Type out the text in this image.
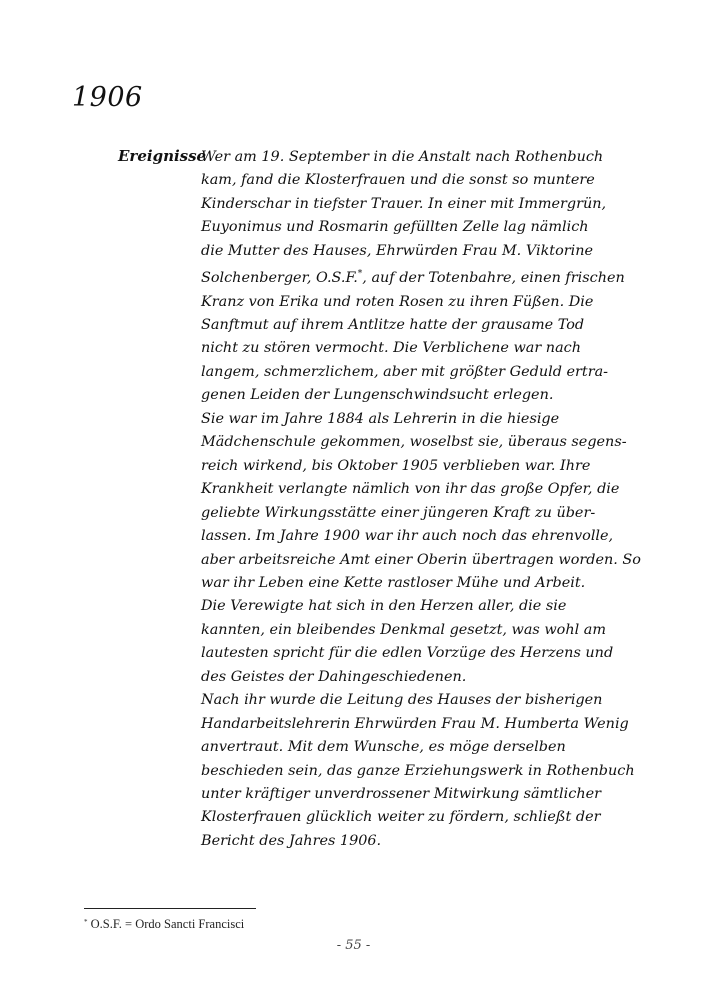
1906
Ereignisse
Wer am 19. September in die Anstalt nach Rothenbuch
kam, fand die Klosterfrauen und die sonst so muntere
Kinderschar in tiefster Trauer. In einer mit Immergrün,
Euyonimus und Rosmarin gefüllten Zelle lag nämlich
die Mutter des Hauses, Ehrwürden Frau M. Viktorine
Solchenberger, O.S.F.*, auf der Totenbahre, einen frischen
Kranz von Erika und roten Rosen zu ihren Füßen. Die
Sanftmut auf ihrem Antlitze hatte der grausame Tod
nicht zu stören vermocht. Die Verblichene war nach
langem, schmerzlichem, aber mit größter Geduld ertra-
genen Leiden der Lungenschwindsucht erlegen.
Sie war im Jahre 1884 als Lehrerin in die hiesige
Mädchenschule gekommen, woselbst sie, überaus segens-
reich wirkend, bis Oktober 1905 verblieben war. Ihre
Krankheit verlangte nämlich von ihr das große Opfer, die
geliebte Wirkungsstätte einer jüngeren Kraft zu über-
lassen. Im Jahre 1900 war ihr auch noch das ehrenvolle,
aber arbeitsreiche Amt einer Oberin übertragen worden. So
war ihr Leben eine Kette rastloser Mühe und Arbeit.
Die Verewigte hat sich in den Herzen aller, die sie
kannten, ein bleibendes Denkmal gesetzt, was wohl am
lautesten spricht für die edlen Vorzüge des Herzens und
des Geistes der Dahingeschiedenen.
Nach ihr wurde die Leitung des Hauses der bisherigen
Handarbeitslehrerin Ehrwürden Frau M. Humberta Wenig
anvertraut. Mit dem Wunsche, es möge derselben
beschieden sein, das ganze Erziehungswerk in Rothenbuch
unter kräftiger unverdrossener Mitwirkung sämtlicher
Klosterfrauen glücklich weiter zu fördern, schließt der
Bericht des Jahres 1906.
* O.S.F. = Ordo Sancti Francisci
- 55 -
